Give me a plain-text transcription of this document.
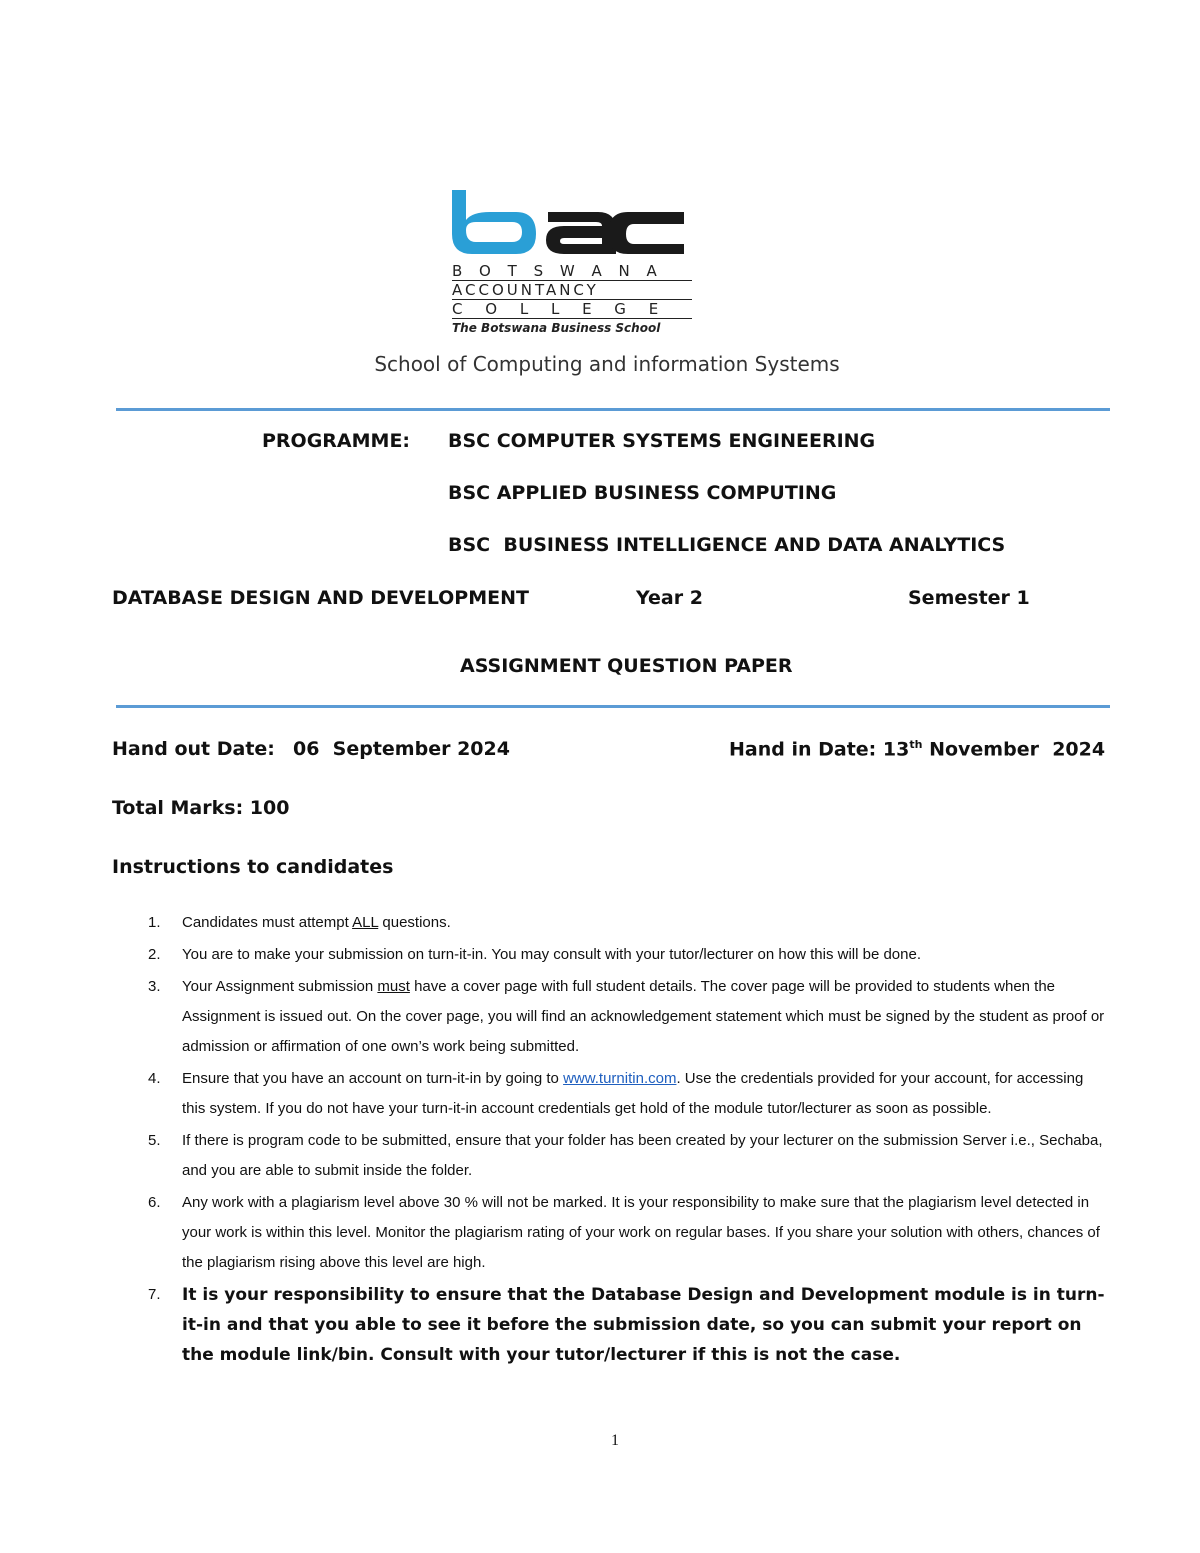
B O T S W A N A
ACCOUNTANCY
C O L L E G E
The Botswana Business School
School of Computing and information Systems
PROGRAMME: BSC COMPUTER SYSTEMS ENGINEERING
BSC APPLIED BUSINESS COMPUTING
BSC  BUSINESS INTELLIGENCE AND DATA ANALYTICS
DATABASE DESIGN AND DEVELOPMENT	Year 2	Semester 1
ASSIGNMENT QUESTION PAPER
Hand out Date: 06  September 2024	Hand in Date: 13th November  2024
Total Marks: 100
Instructions to candidates
1. Candidates must attempt ALL questions.
2. You are to make your submission on turn-it-in. You may consult with your tutor/lecturer on how this will be done.
3. Your Assignment submission must have a cover page with full student details. The cover page will be provided to students when the Assignment is issued out. On the cover page, you will find an acknowledgement statement which must be signed by the student as proof or admission or affirmation of one own’s work being submitted.
4. Ensure that you have an account on turn-it-in by going to www.turnitin.com. Use the credentials provided for your account, for accessing this system. If you do not have your turn-it-in account credentials get hold of the module tutor/lecturer as soon as possible.
5. If there is program code to be submitted, ensure that your folder has been created by your lecturer on the submission Server i.e., Sechaba, and you are able to submit inside the folder.
6. Any work with a plagiarism level above 30 % will not be marked. It is your responsibility to make sure that the plagiarism level detected in your work is within this level. Monitor the plagiarism rating of your work on regular bases. If you share your solution with others, chances of the plagiarism rising above this level are high.
7. It is your responsibility to ensure that the Database Design and Development module is in turn-it-in and that you able to see it before the submission date, so you can submit your report on the module link/bin. Consult with your tutor/lecturer if this is not the case.
1
